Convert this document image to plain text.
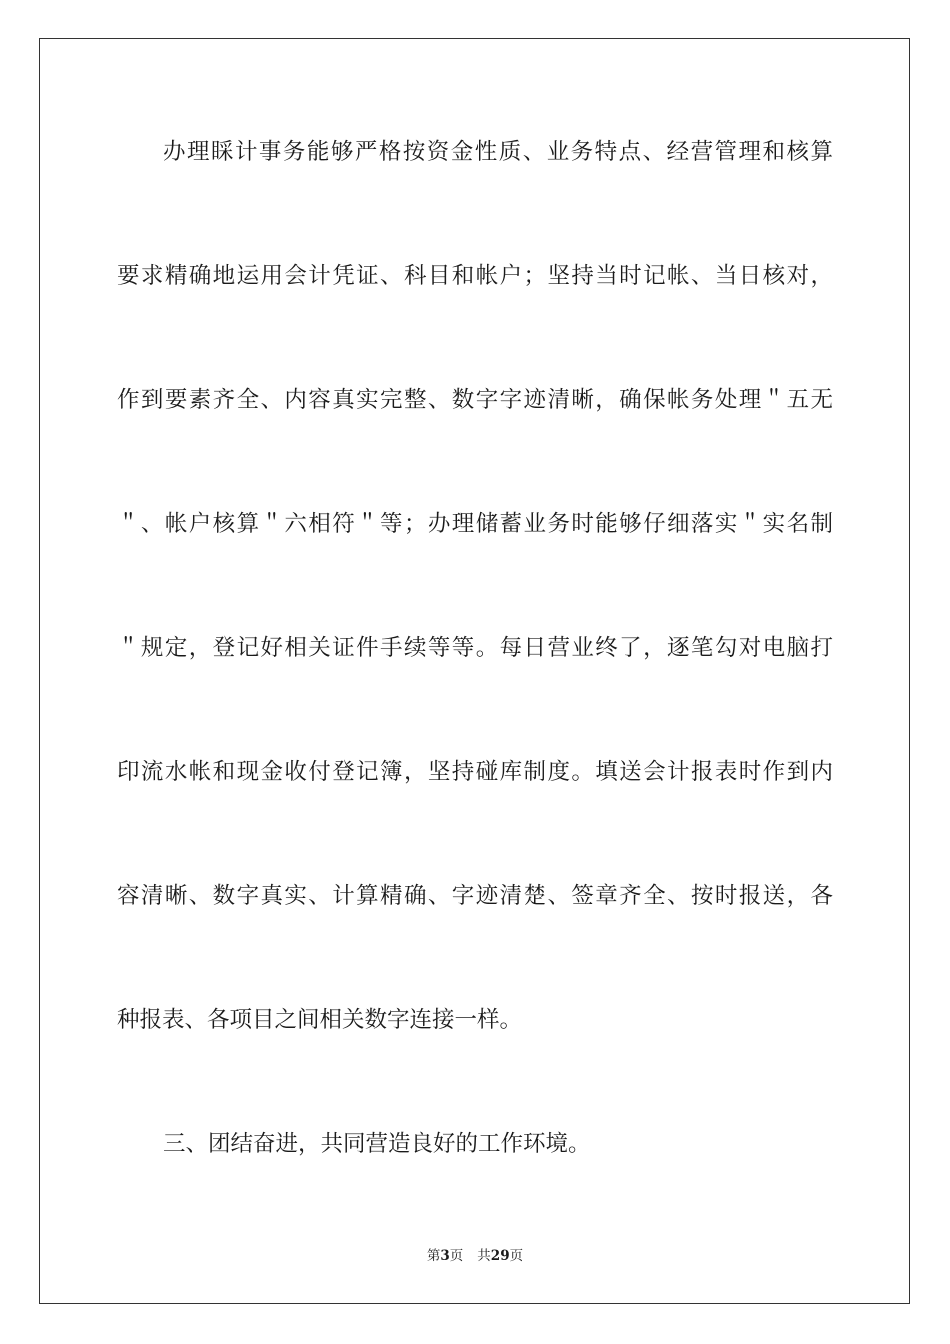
办理睬计事务能够严格按资金性质、业务特点、经营管理和核算
要求精确地运用会计凭证、科目和帐户；坚持当时记帐、当日核对，
作到要素齐全、内容真实完整、数字字迹清晰，确保帐务处理＂五无
＂、帐户核算＂六相符＂等；办理储蓄业务时能够仔细落实＂实名制
＂规定，登记好相关证件手续等等。每日营业终了，逐笔勾对电脑打
印流水帐和现金收付登记簿，坚持碰库制度。填送会计报表时作到内
容清晰、数字真实、计算精确、字迹清楚、签章齐全、按时报送，各
种报表、各项目之间相关数字连接一样。
三、团结奋进，共同营造良好的工作环境。
第3页 共29页
